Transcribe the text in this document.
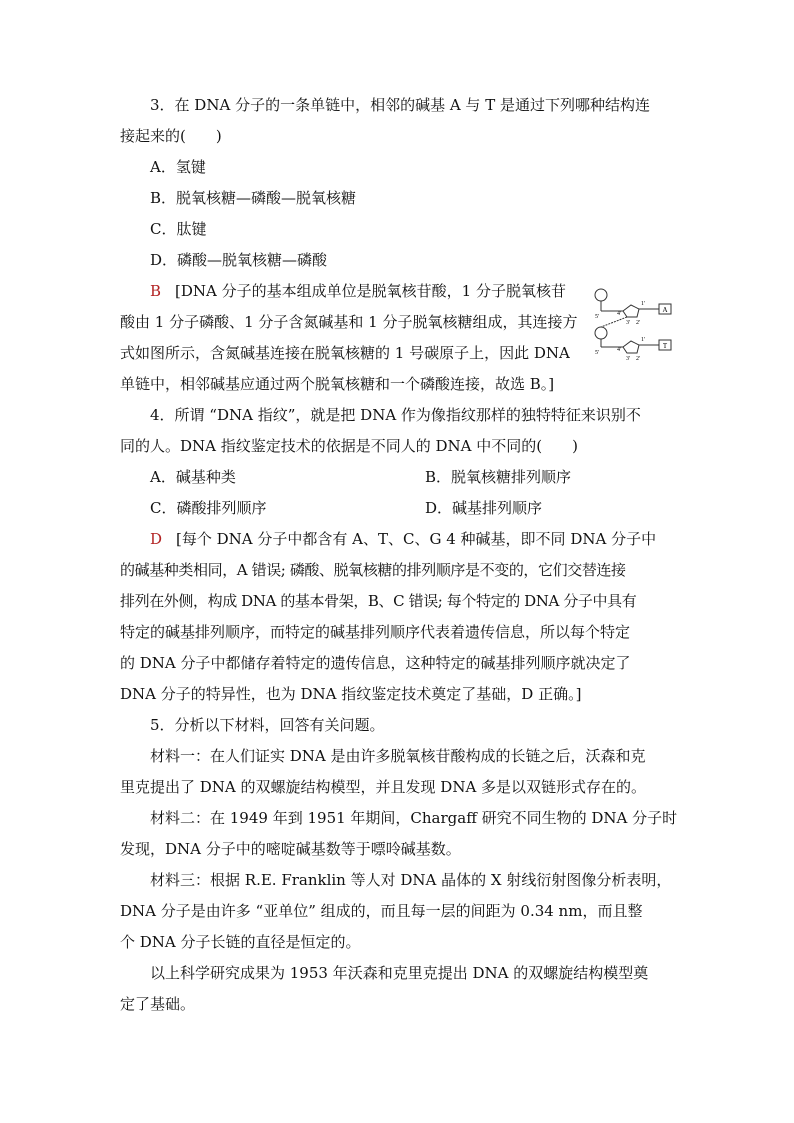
3．在 DNA 分子的一条单链中，相邻的碱基 A 与 T 是通过下列哪种结构连
接起来的(　　)
A．氢键
B．脱氧核糖—磷酸—脱氧核糖
C．肽键
D．磷酸—脱氧核糖—磷酸
B [DNA 分子的基本组成单位是脱氧核苷酸，1 分子脱氧核苷
酸由 1 分子磷酸、1 分子含氮碱基和 1 分子脱氧核糖组成，其连接方
式如图所示，含氮碱基连接在脱氧核糖的 1 号碳原子上，因此 DNA
单链中，相邻碱基应通过两个脱氧核糖和一个磷酸连接，故选 B。]
4．所谓 “DNA 指纹”，就是把 DNA 作为像指纹那样的独特特征来识别不
同的人。DNA 指纹鉴定技术的依据是不同人的 DNA 中不同的(　　)
A．碱基种类	B．脱氧核糖排列顺序
C．磷酸排列顺序	D．碱基排列顺序
D [每个 DNA 分子中都含有 A、T、C、G 4 种碱基，即不同 DNA 分子中
的碱基种类相同，A 错误; 磷酸、脱氧核糖的排列顺序是不变的，它们交替连接
排列在外侧，构成 DNA 的基本骨架，B、C 错误; 每个特定的 DNA 分子中具有
特定的碱基排列顺序，而特定的碱基排列顺序代表着遗传信息，所以每个特定
的 DNA 分子中都储存着特定的遗传信息，这种特定的碱基排列顺序就决定了
DNA 分子的特异性，也为 DNA 指纹鉴定技术奠定了基础，D 正确。]
5．分析以下材料，回答有关问题。
材料一：在人们证实 DNA 是由许多脱氧核苷酸构成的长链之后，沃森和克
里克提出了 DNA 的双螺旋结构模型，并且发现 DNA 多是以双链形式存在的。
材料二：在 1949 年到 1951 年期间，Chargaff 研究不同生物的 DNA 分子时
发现，DNA 分子中的嘧啶碱基数等于嘌呤碱基数。
材料三：根据 R.E. Franklin 等人对 DNA 晶体的 X 射线衍射图像分析表明，
DNA 分子是由许多 “亚单位” 组成的，而且每一层的间距为 0.34 nm，而且整
个 DNA 分子长链的直径是恒定的。
以上科学研究成果为 1953 年沃森和克里克提出 DNA 的双螺旋结构模型奠
定了基础。
A
5′	4′
1′
3′ 2′
T
5′	4′
1′
3′ 2′
